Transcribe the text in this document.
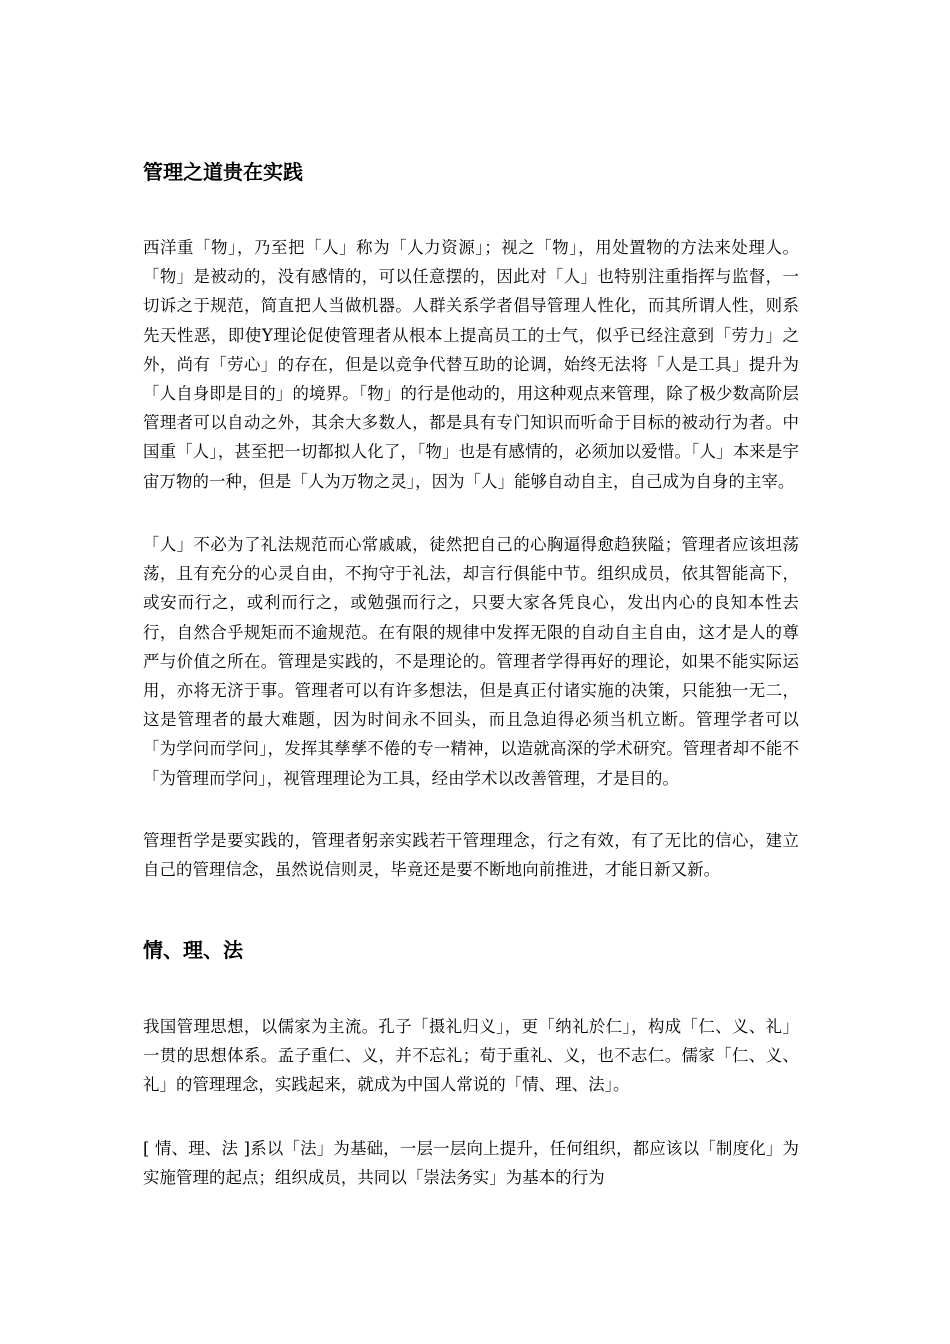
管理之道贵在实践

西洋重「物」，乃至把「人」称为「人力资源」；视之「物」，用处置物的方法来处理人。「物」是被动的，没有感情的，可以任意摆的，因此对「人」也特别注重指挥与监督，一切诉之于规范，简直把人当做机器。人群关系学者倡导管理人性化，而其所谓人性，则系先天性恶，即使Y理论促使管理者从根本上提高员工的士气，似乎已经注意到「劳力」之外，尚有「劳心」的存在，但是以竞争代替互助的论调，始终无法将「人是工具」提升为「人自身即是目的」的境界。「物」的行是他动的，用这种观点来管理，除了极少数高阶层管理者可以自动之外，其余大多数人，都是具有专门知识而听命于目标的被动行为者。中国重「人」，甚至把一切都拟人化了，「物」也是有感情的，必须加以爱惜。「人」本来是宇宙万物的一种，但是「人为万物之灵」，因为「人」能够自动自主，自己成为自身的主宰。

「人」不必为了礼法规范而心常戚戚，徒然把自己的心胸逼得愈趋狭隘；管理者应该坦荡荡，且有充分的心灵自由，不拘守于礼法，却言行俱能中节。组织成员，依其智能高下，或安而行之，或利而行之，或勉强而行之，只要大家各凭良心，发出内心的良知本性去行，自然合乎规矩而不逾规范。在有限的规律中发挥无限的自动自主自由，这才是人的尊严与价值之所在。管理是实践的，不是理论的。管理者学得再好的理论，如果不能实际运用，亦将无济于事。管理者可以有许多想法，但是真正付诸实施的决策，只能独一无二，这是管理者的最大难题，因为时间永不回头，而且急迫得必须当机立断。管理学者可以「为学问而学问」，发挥其孳孳不倦的专一精神，以造就高深的学术研究。管理者却不能不「为管理而学问」，视管理理论为工具，经由学术以改善管理，才是目的。

管理哲学是要实践的，管理者躬亲实践若干管理理念，行之有效，有了无比的信心，建立自己的管理信念，虽然说信则灵，毕竟还是要不断地向前推进，才能日新又新。

情、理、法

我国管理思想，以儒家为主流。孔子「摄礼归义」，更「纳礼於仁」，构成「仁、义、礼」一贯的思想体系。孟子重仁、义，并不忘礼；荀于重礼、义，也不志仁。儒家「仁、义、礼」的管理理念，实践起来，就成为中国人常说的「情、理、法」。

[ 情、理、法 ]系以「法」为基础，一层一层向上提升，任何组织，都应该以「制度化」为实施管理的起点；组织成员，共同以「崇法务实」为基本的行为
